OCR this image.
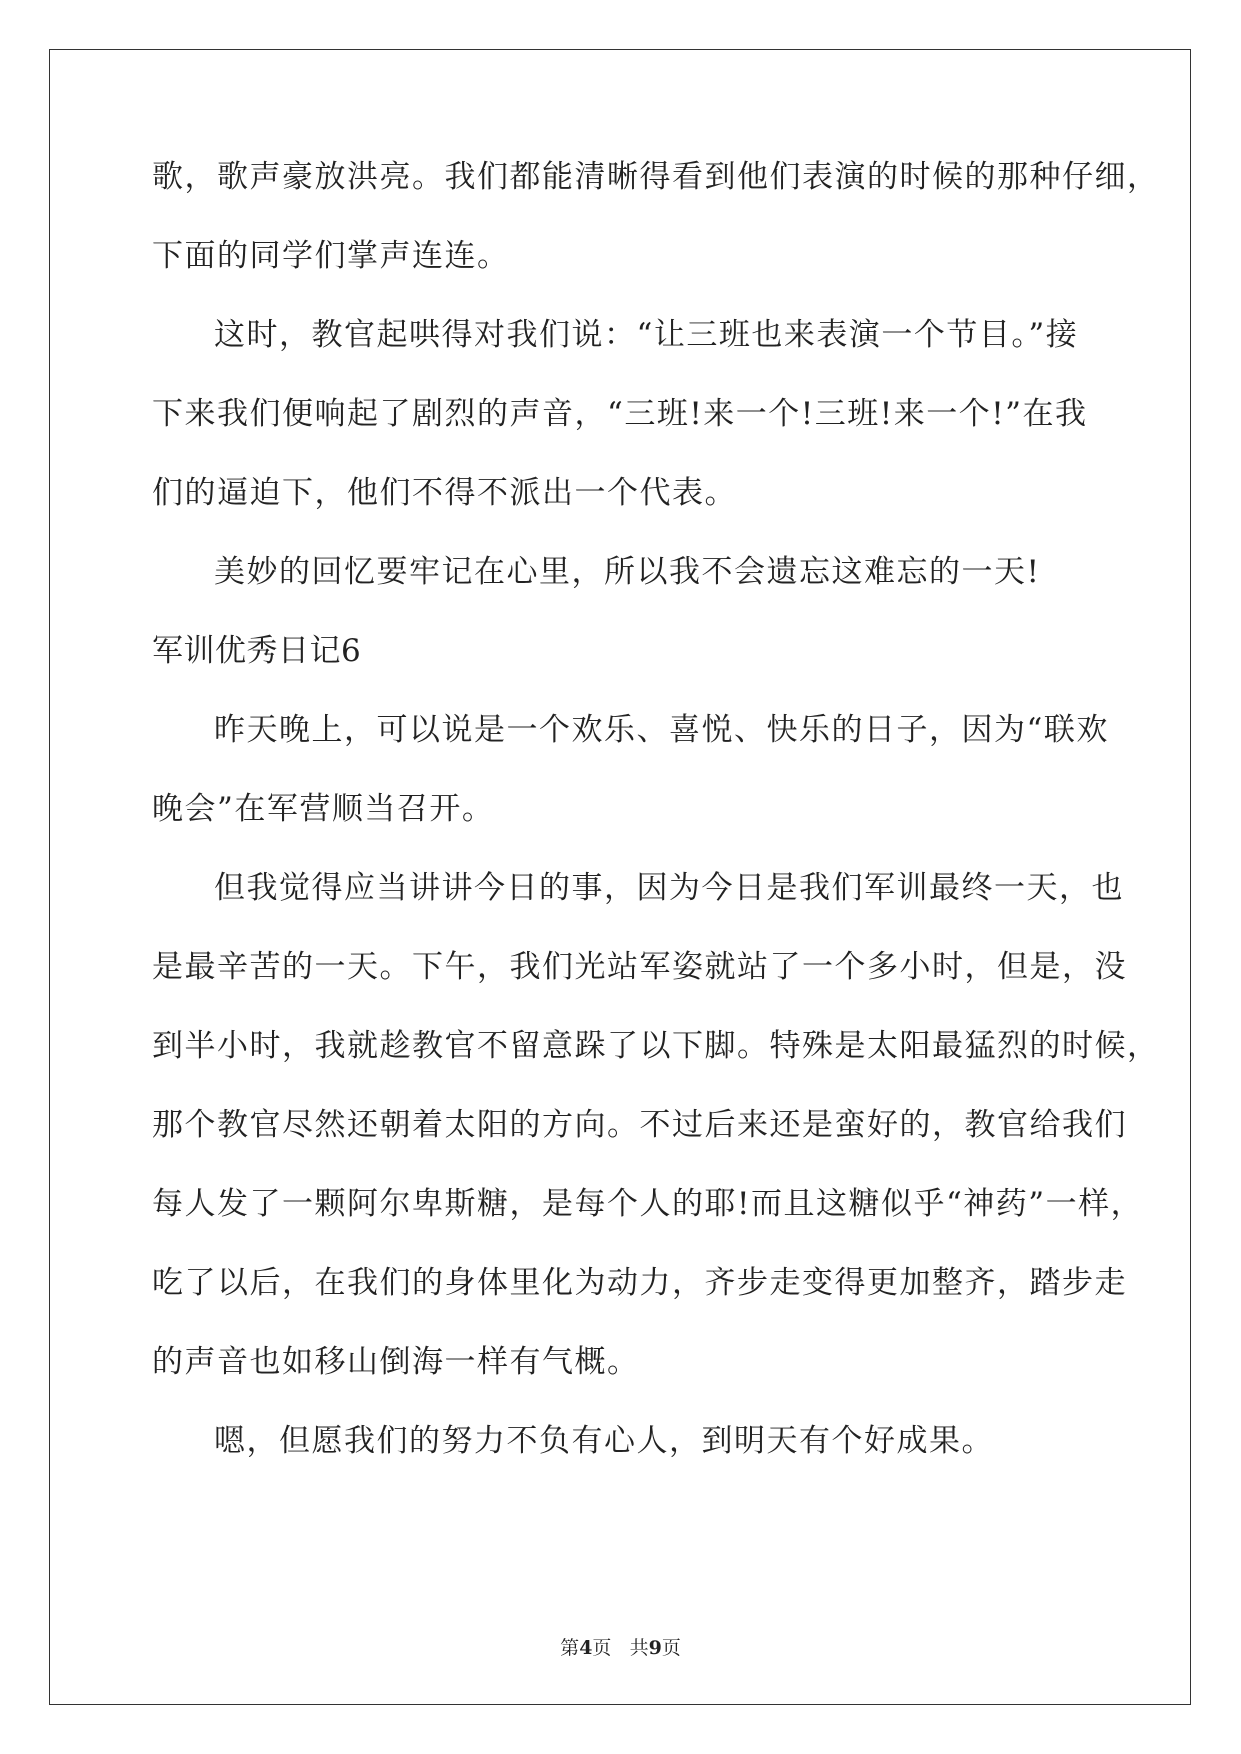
歌，歌声豪放洪亮。我们都能清晰得看到他们表演的时候的那种仔细，
下面的同学们掌声连连。
这时，教官起哄得对我们说：“让三班也来表演一个节目。”接
下来我们便响起了剧烈的声音，“三班!来一个!三班!来一个!”在我
们的逼迫下，他们不得不派出一个代表。
美妙的回忆要牢记在心里，所以我不会遗忘这难忘的一天!
军训优秀日记6
昨天晚上，可以说是一个欢乐、喜悦、快乐的日子，因为“联欢
晚会”在军营顺当召开。
但我觉得应当讲讲今日的事，因为今日是我们军训最终一天，也
是最辛苦的一天。下午，我们光站军姿就站了一个多小时，但是，没
到半小时，我就趁教官不留意跺了以下脚。特殊是太阳最猛烈的时候，
那个教官尽然还朝着太阳的方向。不过后来还是蛮好的，教官给我们
每人发了一颗阿尔卑斯糖，是每个人的耶!而且这糖似乎“神药”一样，
吃了以后，在我们的身体里化为动力，齐步走变得更加整齐，踏步走
的声音也如移山倒海一样有气概。
嗯，但愿我们的努力不负有心人，到明天有个好成果。
第4页 共9页
